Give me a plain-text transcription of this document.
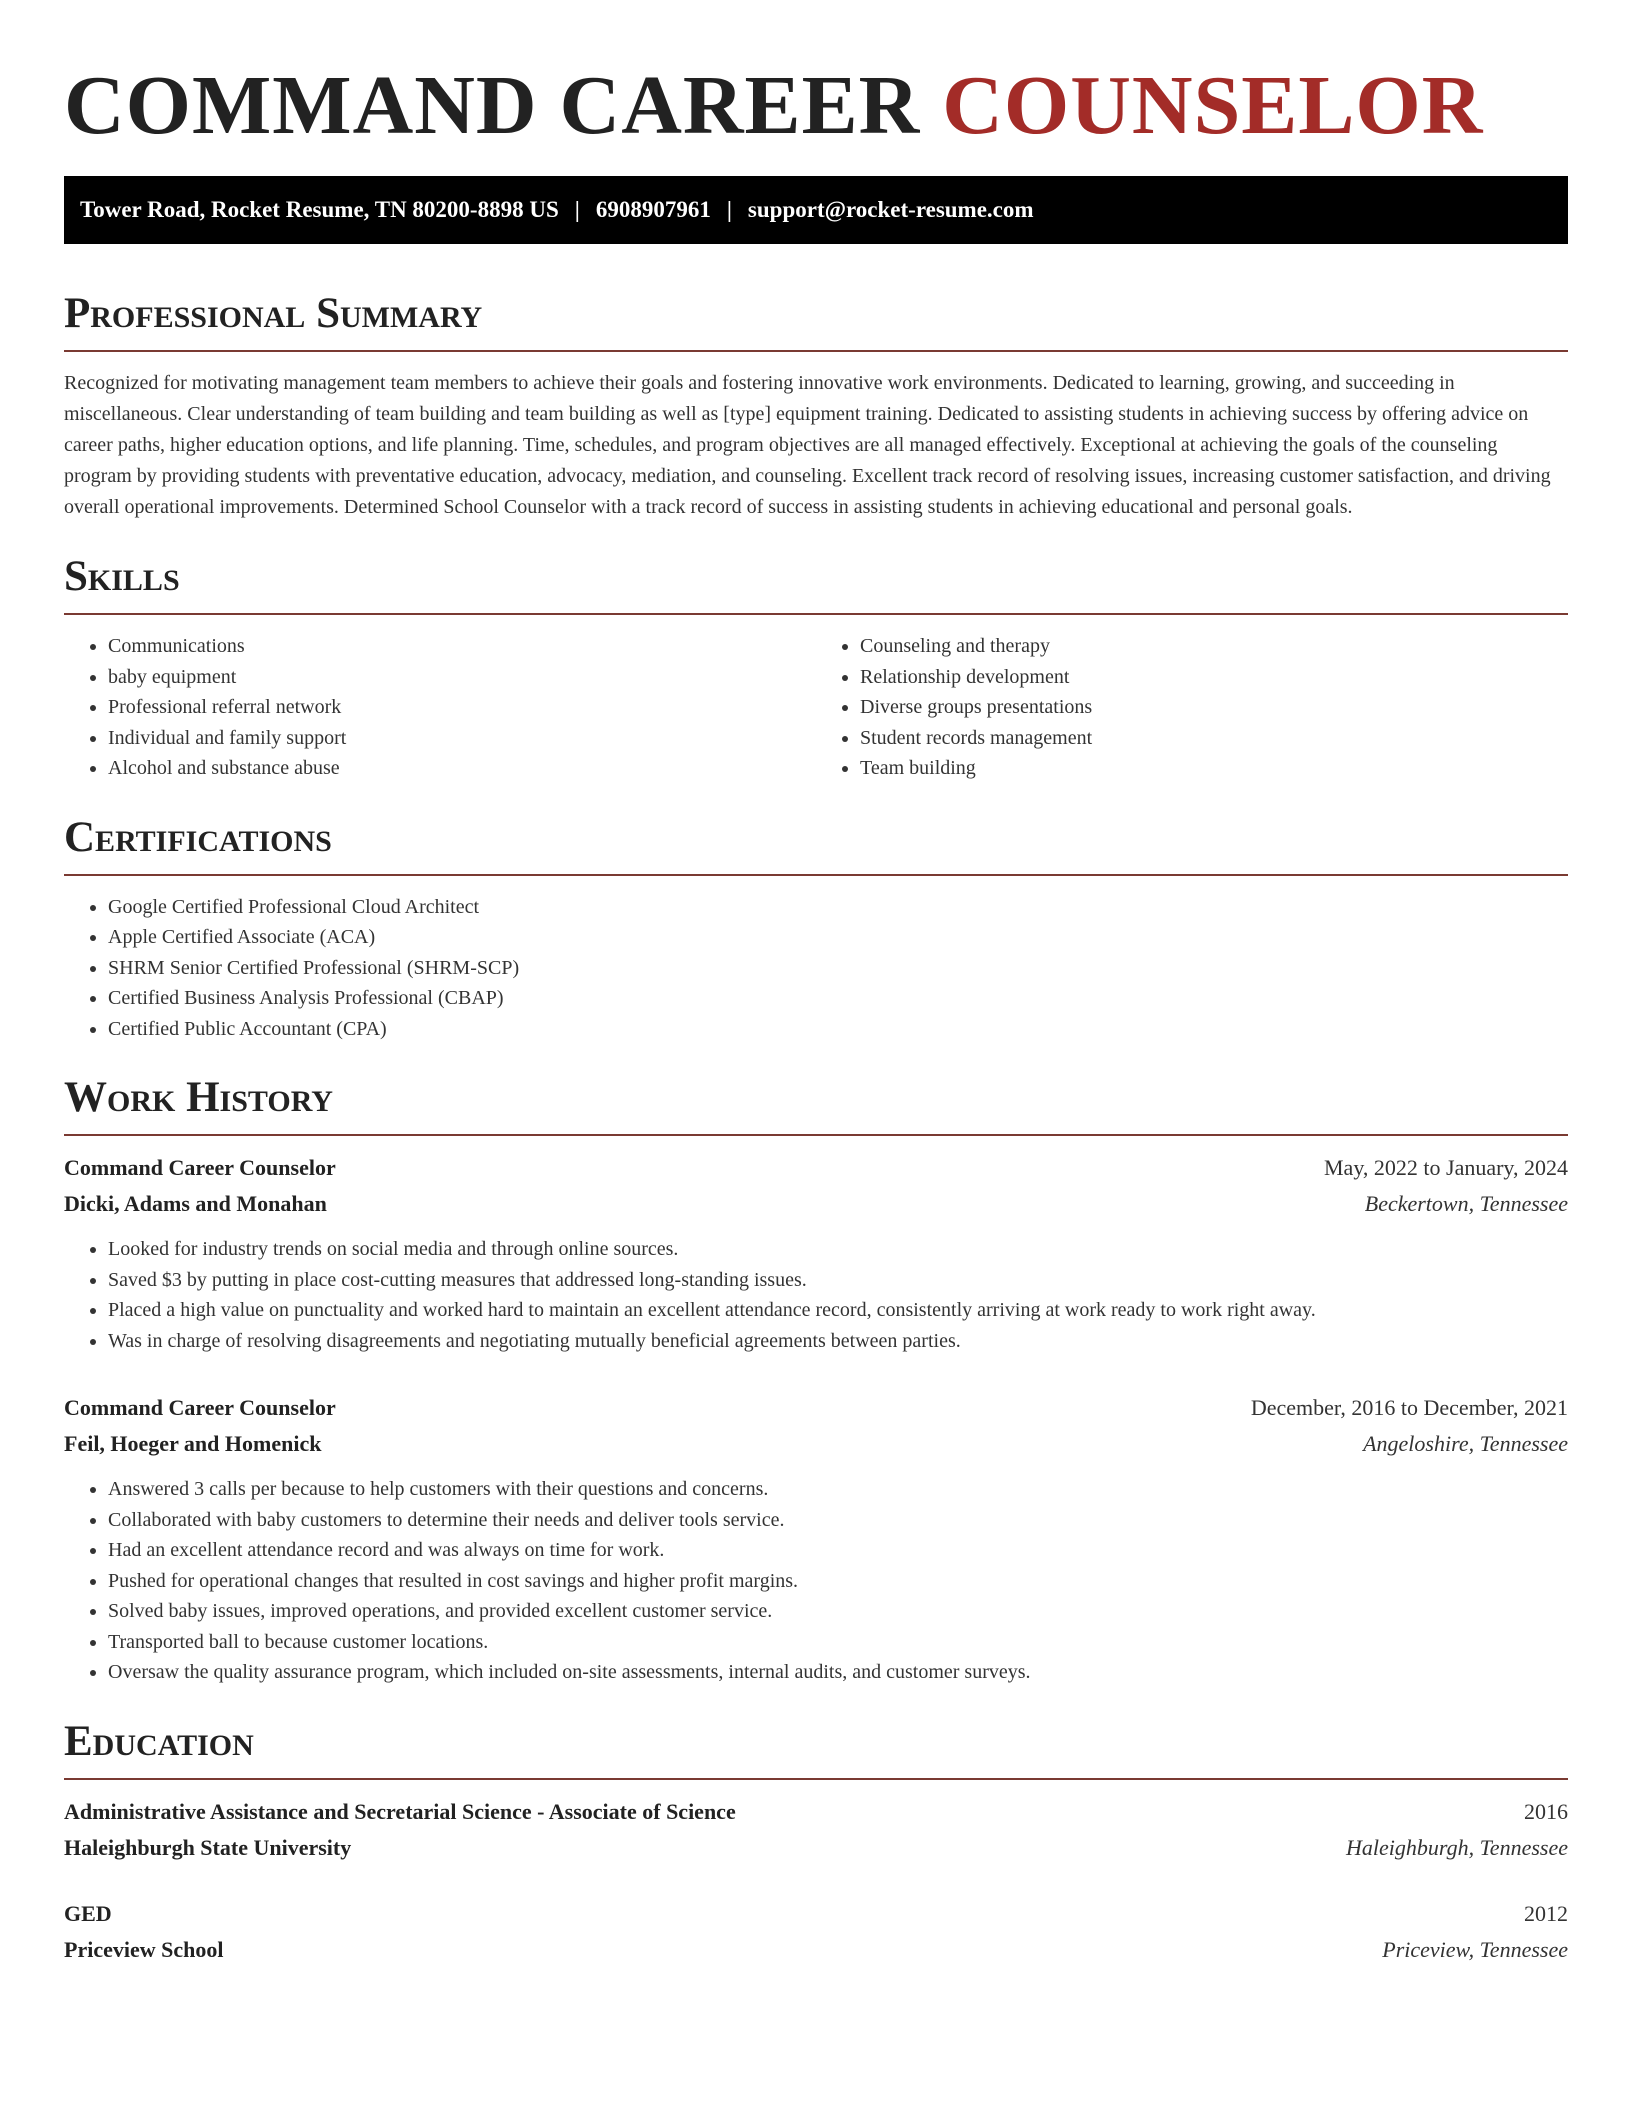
COMMAND CAREER COUNSELOR
Tower Road, Rocket Resume, TN 80200-8898 US | 6908907961 | support@rocket-resume.com
Professional Summary

Recognized for motivating management team members to achieve their goals and fostering innovative work environments. Dedicated to learning, growing, and succeeding in miscellaneous. Clear understanding of team building and team building as well as [type] equipment training. Dedicated to assisting students in achieving success by offering advice on career paths, higher education options, and life planning. Time, schedules, and program objectives are all managed effectively. Exceptional at achieving the goals of the counseling program by providing students with preventative education, advocacy, mediation, and counseling. Excellent track record of resolving issues, increasing customer satisfaction, and driving overall operational improvements. Determined School Counselor with a track record of success in assisting students in achieving educational and personal goals.

Skills
• Communications
• baby equipment
• Professional referral network
• Individual and family support
• Alcohol and substance abuse
• Counseling and therapy
• Relationship development
• Diverse groups presentations
• Student records management
• Team building
Certifications
• Google Certified Professional Cloud Architect
• Apple Certified Associate (ACA)
• SHRM Senior Certified Professional (SHRM-SCP)
• Certified Business Analysis Professional (CBAP)
• Certified Public Accountant (CPA)
Work History
Command Career Counselor	May, 2022 to January, 2024
Dicki, Adams and Monahan	Beckertown, Tennessee
• Looked for industry trends on social media and through online sources.
• Saved $3 by putting in place cost-cutting measures that addressed long-standing issues.
• Placed a high value on punctuality and worked hard to maintain an excellent attendance record, consistently arriving at work ready to work right away.
• Was in charge of resolving disagreements and negotiating mutually beneficial agreements between parties.
Command Career Counselor	December, 2016 to December, 2021
Feil, Hoeger and Homenick	Angeloshire, Tennessee
• Answered 3 calls per because to help customers with their questions and concerns.
• Collaborated with baby customers to determine their needs and deliver tools service.
• Had an excellent attendance record and was always on time for work.
• Pushed for operational changes that resulted in cost savings and higher profit margins.
• Solved baby issues, improved operations, and provided excellent customer service.
• Transported ball to because customer locations.
• Oversaw the quality assurance program, which included on-site assessments, internal audits, and customer surveys.
Education
Administrative Assistance and Secretarial Science - Associate of Science	2016
Haleighburgh State University	Haleighburgh, Tennessee
GED	2012
Priceview School	Priceview, Tennessee
